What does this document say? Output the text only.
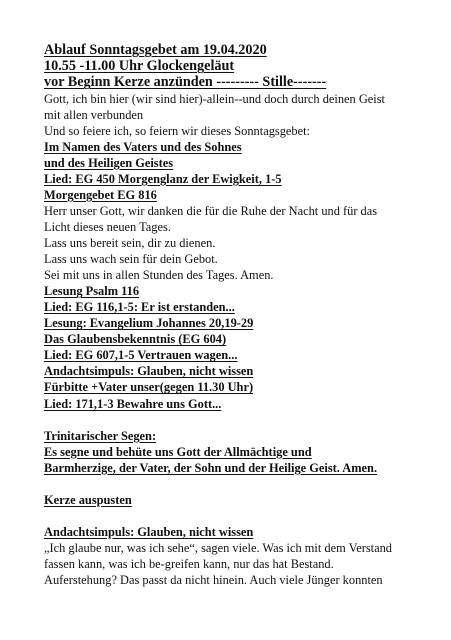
Ablauf Sonntagsgebet am 19.04.2020
10.55 -11.00 Uhr Glockengeläut
vor Beginn Kerze anzünden --------- Stille-------
Gott, ich bin hier (wir sind hier)-allein--und doch durch deinen Geist
mit allen verbunden
Und so feiere ich, so feiern wir dieses Sonntagsgebet:
Im Namen des Vaters und des Sohnes
und des Heiligen Geistes
Lied: EG 450 Morgenglanz der Ewigkeit, 1-5
Morgengebet EG 816
Herr unser Gott, wir danken die für die Ruhe der Nacht und für das
Licht dieses neuen Tages.
Lass uns bereit sein, dir zu dienen.
Lass uns wach sein für dein Gebot.
Sei mit uns in allen Stunden des Tages. Amen.
Lesung Psalm 116
Lied: EG 116,1-5: Er ist erstanden...
Lesung: Evangelium Johannes 20,19-29
Das Glaubensbekenntnis (EG 604)
Lied: EG 607,1-5 Vertrauen wagen...
Andachtsimpuls: Glauben, nicht wissen
Fürbitte +Vater unser(gegen 11.30 Uhr)
Lied: 171,1-3 Bewahre uns Gott...
Trinitarischer Segen:
Es segne und behüte uns Gott der Allmächtige und
Barmherzige, der Vater, der Sohn und der Heilige Geist. Amen.
Kerze auspusten
Andachtsimpuls: Glauben, nicht wissen
„Ich glaube nur, was ich sehe“, sagen viele. Was ich mit dem Verstand
fassen kann, was ich be-greifen kann, nur das hat Bestand.
Auferstehung? Das passt da nicht hinein. Auch viele Jünger konnten
